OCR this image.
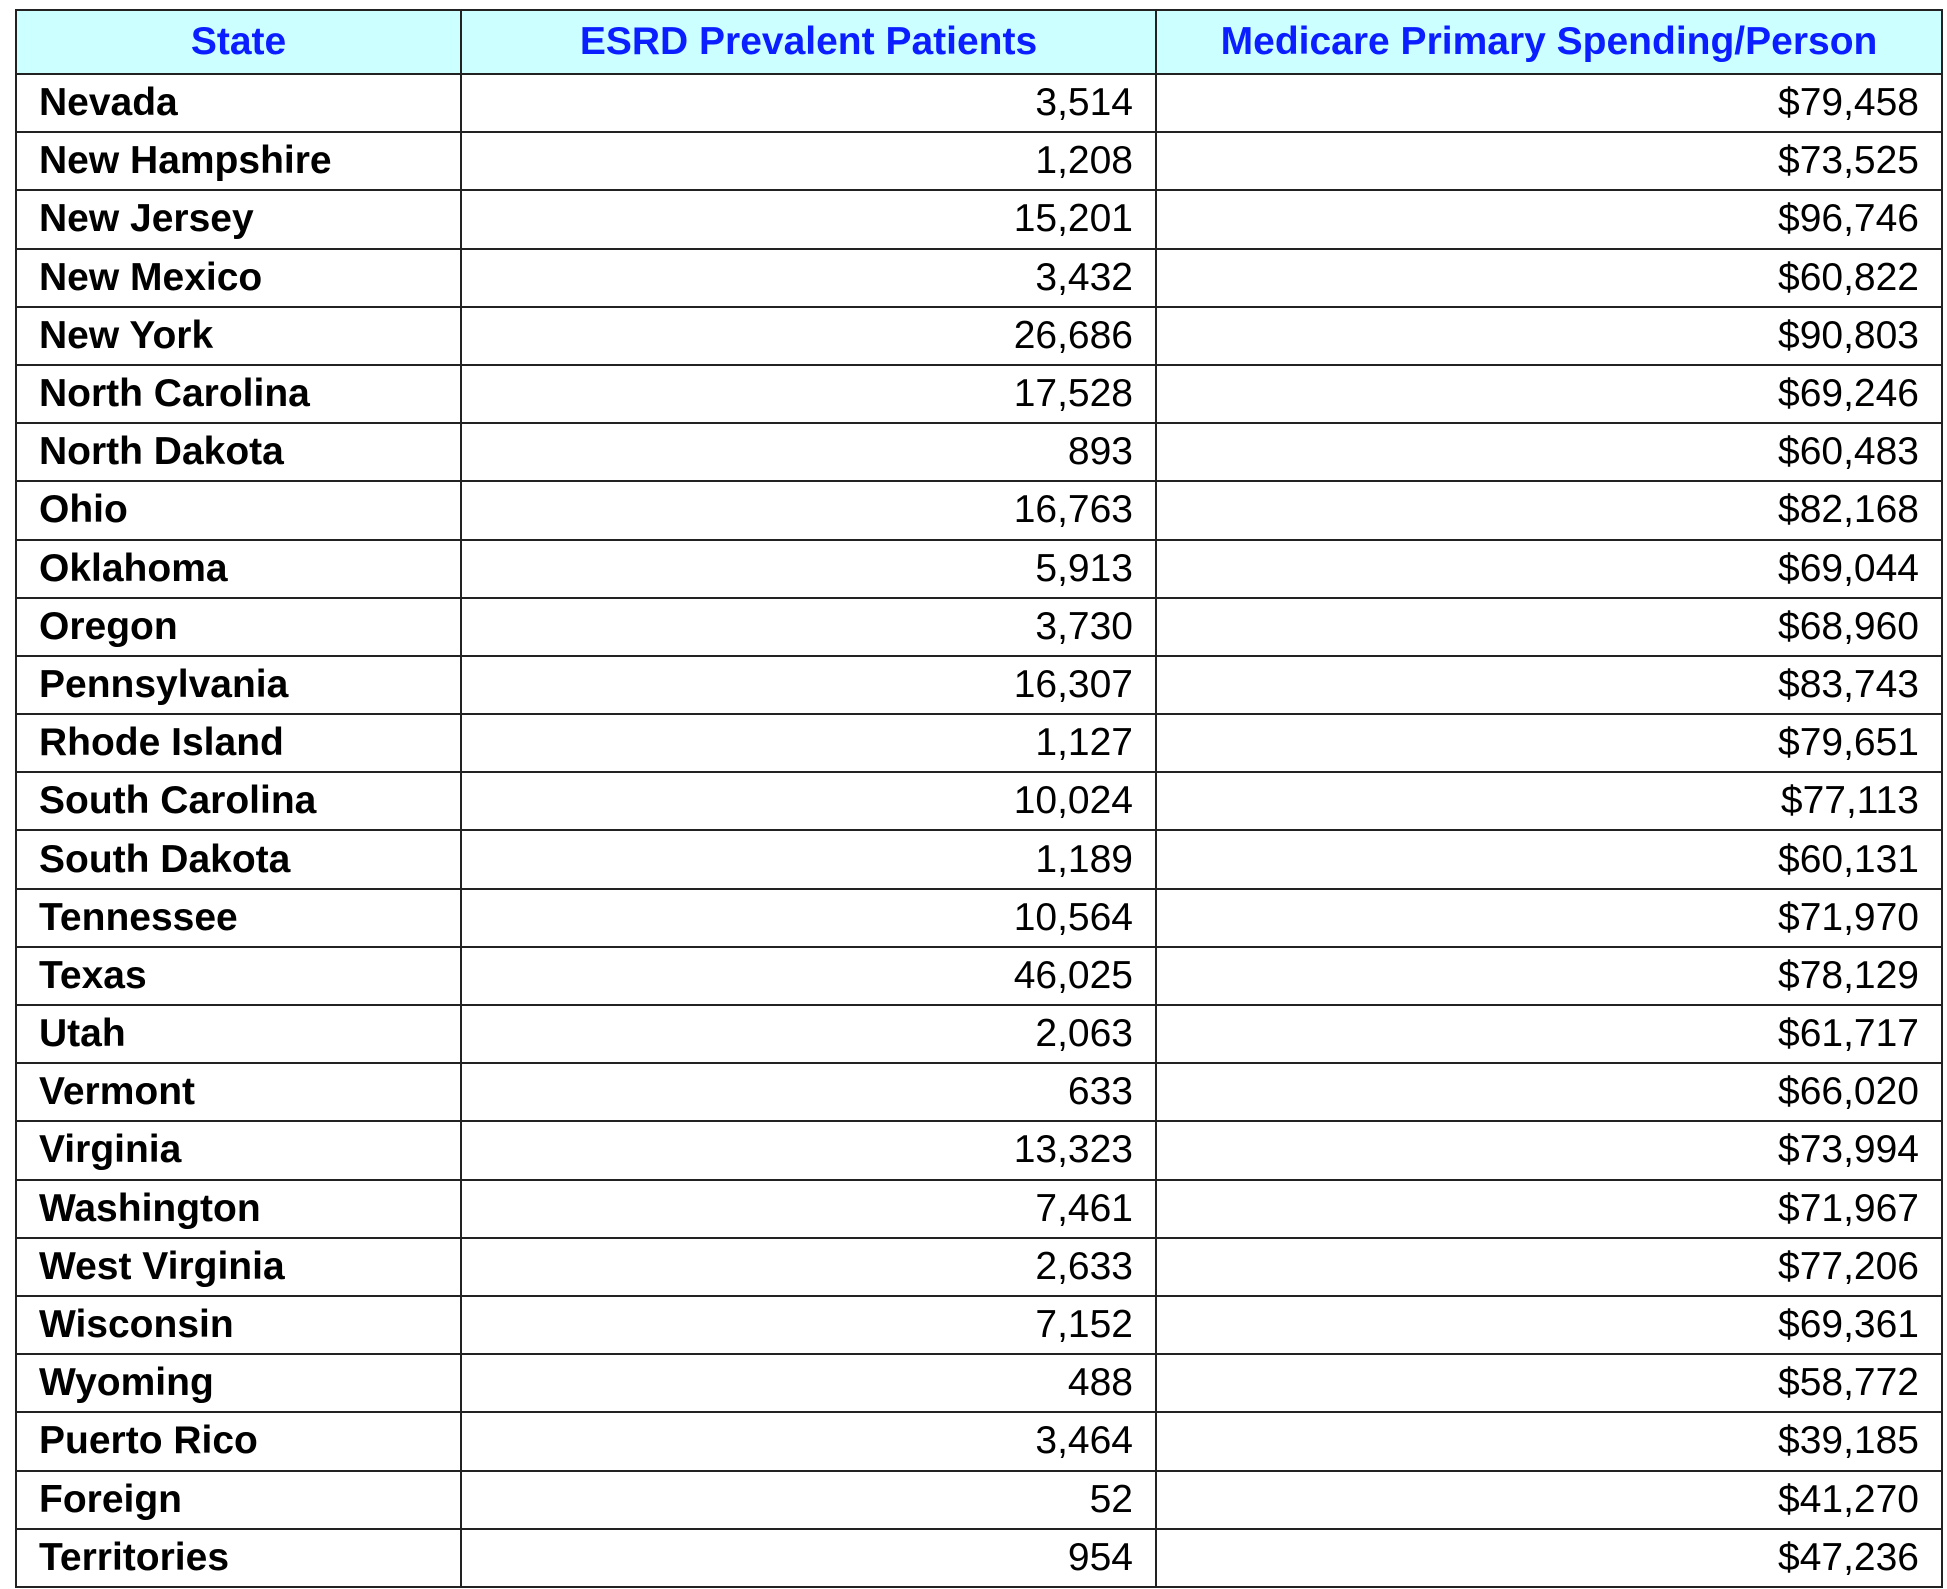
State	ESRD Prevalent Patients	Medicare Primary Spending/Person
Nevada	3,514	$79,458
New Hampshire	1,208	$73,525
New Jersey	15,201	$96,746
New Mexico	3,432	$60,822
New York	26,686	$90,803
North Carolina	17,528	$69,246
North Dakota	893	$60,483
Ohio	16,763	$82,168
Oklahoma	5,913	$69,044
Oregon	3,730	$68,960
Pennsylvania	16,307	$83,743
Rhode Island	1,127	$79,651
South Carolina	10,024	$77,113
South Dakota	1,189	$60,131
Tennessee	10,564	$71,970
Texas	46,025	$78,129
Utah	2,063	$61,717
Vermont	633	$66,020
Virginia	13,323	$73,994
Washington	7,461	$71,967
West Virginia	2,633	$77,206
Wisconsin	7,152	$69,361
Wyoming	488	$58,772
Puerto Rico	3,464	$39,185
Foreign	52	$41,270
Territories	954	$47,236
